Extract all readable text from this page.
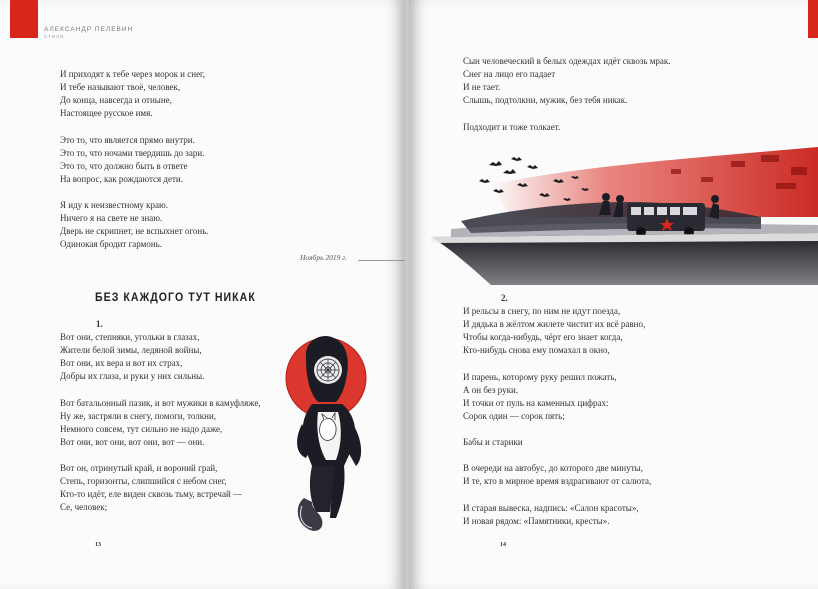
АЛЕКСАНДР ПЕЛЕВИН
СТИХИ
И приходят к тебе через морок и снег,
И тебе называют твоё, человек,
До конца, навсегда и отныне,
Настоящее русское имя.
Это то, что является прямо внутри.
Это то, что ночами твердишь до зари.
Это то, что должно быть в ответе
На вопрос, как рождаются дети.
Я иду к неизвестному краю.
Ничего я на свете не знаю.
Дверь не скрипнет, не вспыхнет огонь.
Одинокая бродит гармонь.
Ноябрь 2019 г.
БЕЗ КАЖДОГО ТУТ НИКАК
1.
Вот они, степняки, угольки в глазах,
Жители белой зимы, ледяной войны,
Вот они, их вера и вот их страх,
Добры их глаза, и руки у них сильны.
Вот батальонный пазик, и вот мужики в камуфляже,
Ну же, застряли в снегу, помоги, толкни,
Немного совсем, тут сильно не надо даже,
Вот они, вот они, вот они, вот — они.
Вот он, отринутый край, и вороний грай,
Степь, горизонты, слипшийся с небом снег,
Кто-то идёт, еле виден сквозь тьму, встречай —
Се, человек;
13
Сын человеческий в белых одеждах идёт сквозь мрак.
Снег на лицо его падает
И не тает.
Слышь, подтолкни, мужик, без тебя никак.
Подходит и тоже толкает.
2.
И рельсы в снегу, по ним не идут поезда,
И дядька в жёлтом жилете чистит их всё равно,
Чтобы когда-нибудь, чёрт его знает когда,
Кто-нибудь снова ему помахал в окно,
И парень, которому руку решил пожать,
А он без руки.
И точки от пуль на каменных цифрах:
Сорок один — сорок пять;
Бабы и старики
В очереди на автобус, до которого две минуты,
И те, кто в мирное время вздрагивают от салюта,
И старая вывеска, надпись: «Салон красоты»,
И новая рядом: «Памятники, кресты».
14
